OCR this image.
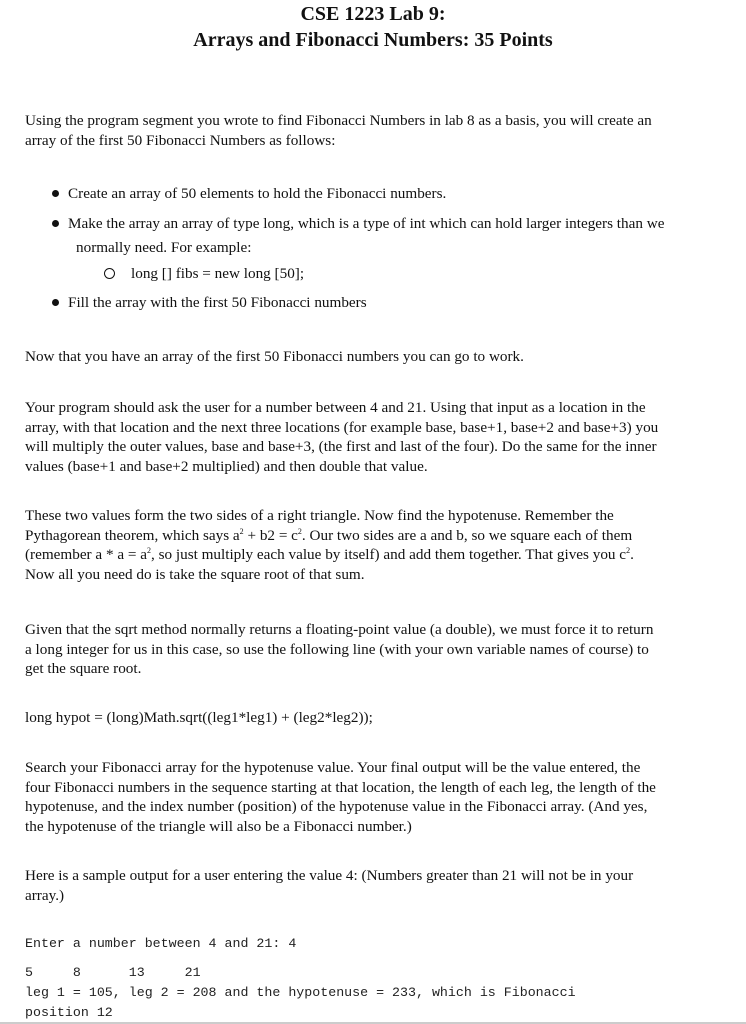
CSE 1223 Lab 9:
Arrays and Fibonacci Numbers: 35 Points
Using the program segment you wrote to find Fibonacci Numbers in lab 8 as a basis, you will create an
array of the first 50 Fibonacci Numbers as follows:
Create an array of 50 elements to hold the Fibonacci numbers.
Make the array an array of type long, which is a type of int which can hold larger integers than we
normally need. For example:
long [] fibs = new long [50];
Fill the array with the first 50 Fibonacci numbers
Now that you have an array of the first 50 Fibonacci numbers you can go to work.
Your program should ask the user for a number between 4 and 21. Using that input as a location in the
array, with that location and the next three locations (for example base, base+1, base+2 and base+3) you
will multiply the outer values, base and base+3, (the first and last of the four). Do the same for the inner
values (base+1 and base+2 multiplied) and then double that value.
These two values form the two sides of a right triangle. Now find the hypotenuse. Remember the
Pythagorean theorem, which says $a^2 + b2 = c^2$. Our two sides are a and b, so we square each of them
(remember $a * a = a^2$, so just multiply each value by itself) and add them together. That gives you $c^2$.
Now all you need do is take the square root of that sum.
Given that the sqrt method normally returns a floating-point value (a double), we must force it to return
a long integer for us in this case, so use the following line (with your own variable names of course) to
get the square root.
long hypot = (long)Math.sqrt((leg1*leg1) + (leg2*leg2));
Search your Fibonacci array for the hypotenuse value. Your final output will be the value entered, the
four Fibonacci numbers in the sequence starting at that location, the length of each leg, the length of the
hypotenuse, and the index number (position) of the hypotenuse value in the Fibonacci array. (And yes,
the hypotenuse of the triangle will also be a Fibonacci number.)
Here is a sample output for a user entering the value 4: (Numbers greater than 21 will not be in your
array.)
Enter a number between 4 and 21: 4
5     8      13     21
leg 1 = 105, leg 2 = 208 and the hypotenuse = 233, which is Fibonacci
position 12
